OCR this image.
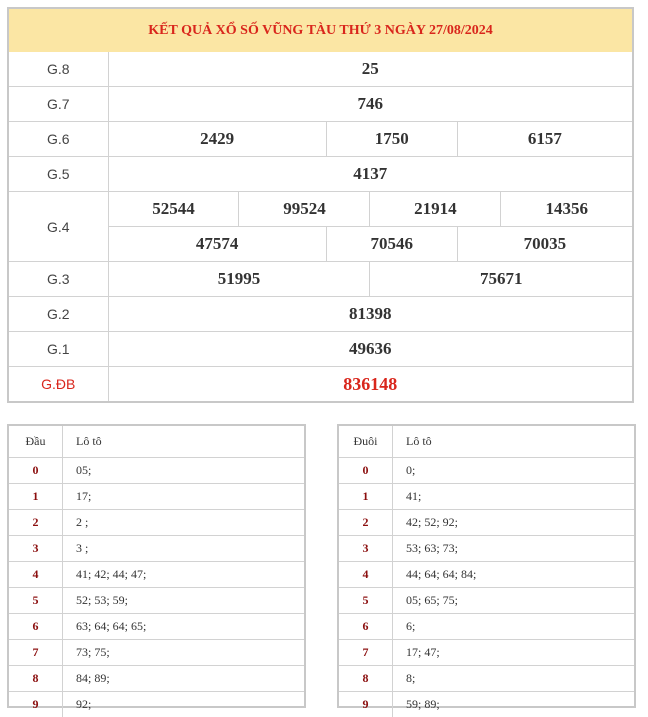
KẾT QUẢ XỔ SỐ VŨNG TÀU THỨ 3 NGÀY 27/08/2024
G.8	25					
G.7	746					
G.6	2429		1750		6157	
G.5	4137					
G.4	52544	99524		21914		14356
	47574		70546		70035	
G.3	51995			75671		
G.2	81398					
G.1	49636					
G.ĐB	836148					
Đầu	Lô tô
0	05;
1	17;
2	2 ;
3	3 ;
4	41; 42; 44; 47;
5	52; 53; 59;
6	63; 64; 64; 65;
7	73; 75;
8	84; 89;
9	92;
Đuôi	Lô tô
0	0;
1	41;
2	42; 52; 92;
3	53; 63; 73;
4	44; 64; 64; 84;
5	05; 65; 75;
6	6;
7	17; 47;
8	8;
9	59; 89;
